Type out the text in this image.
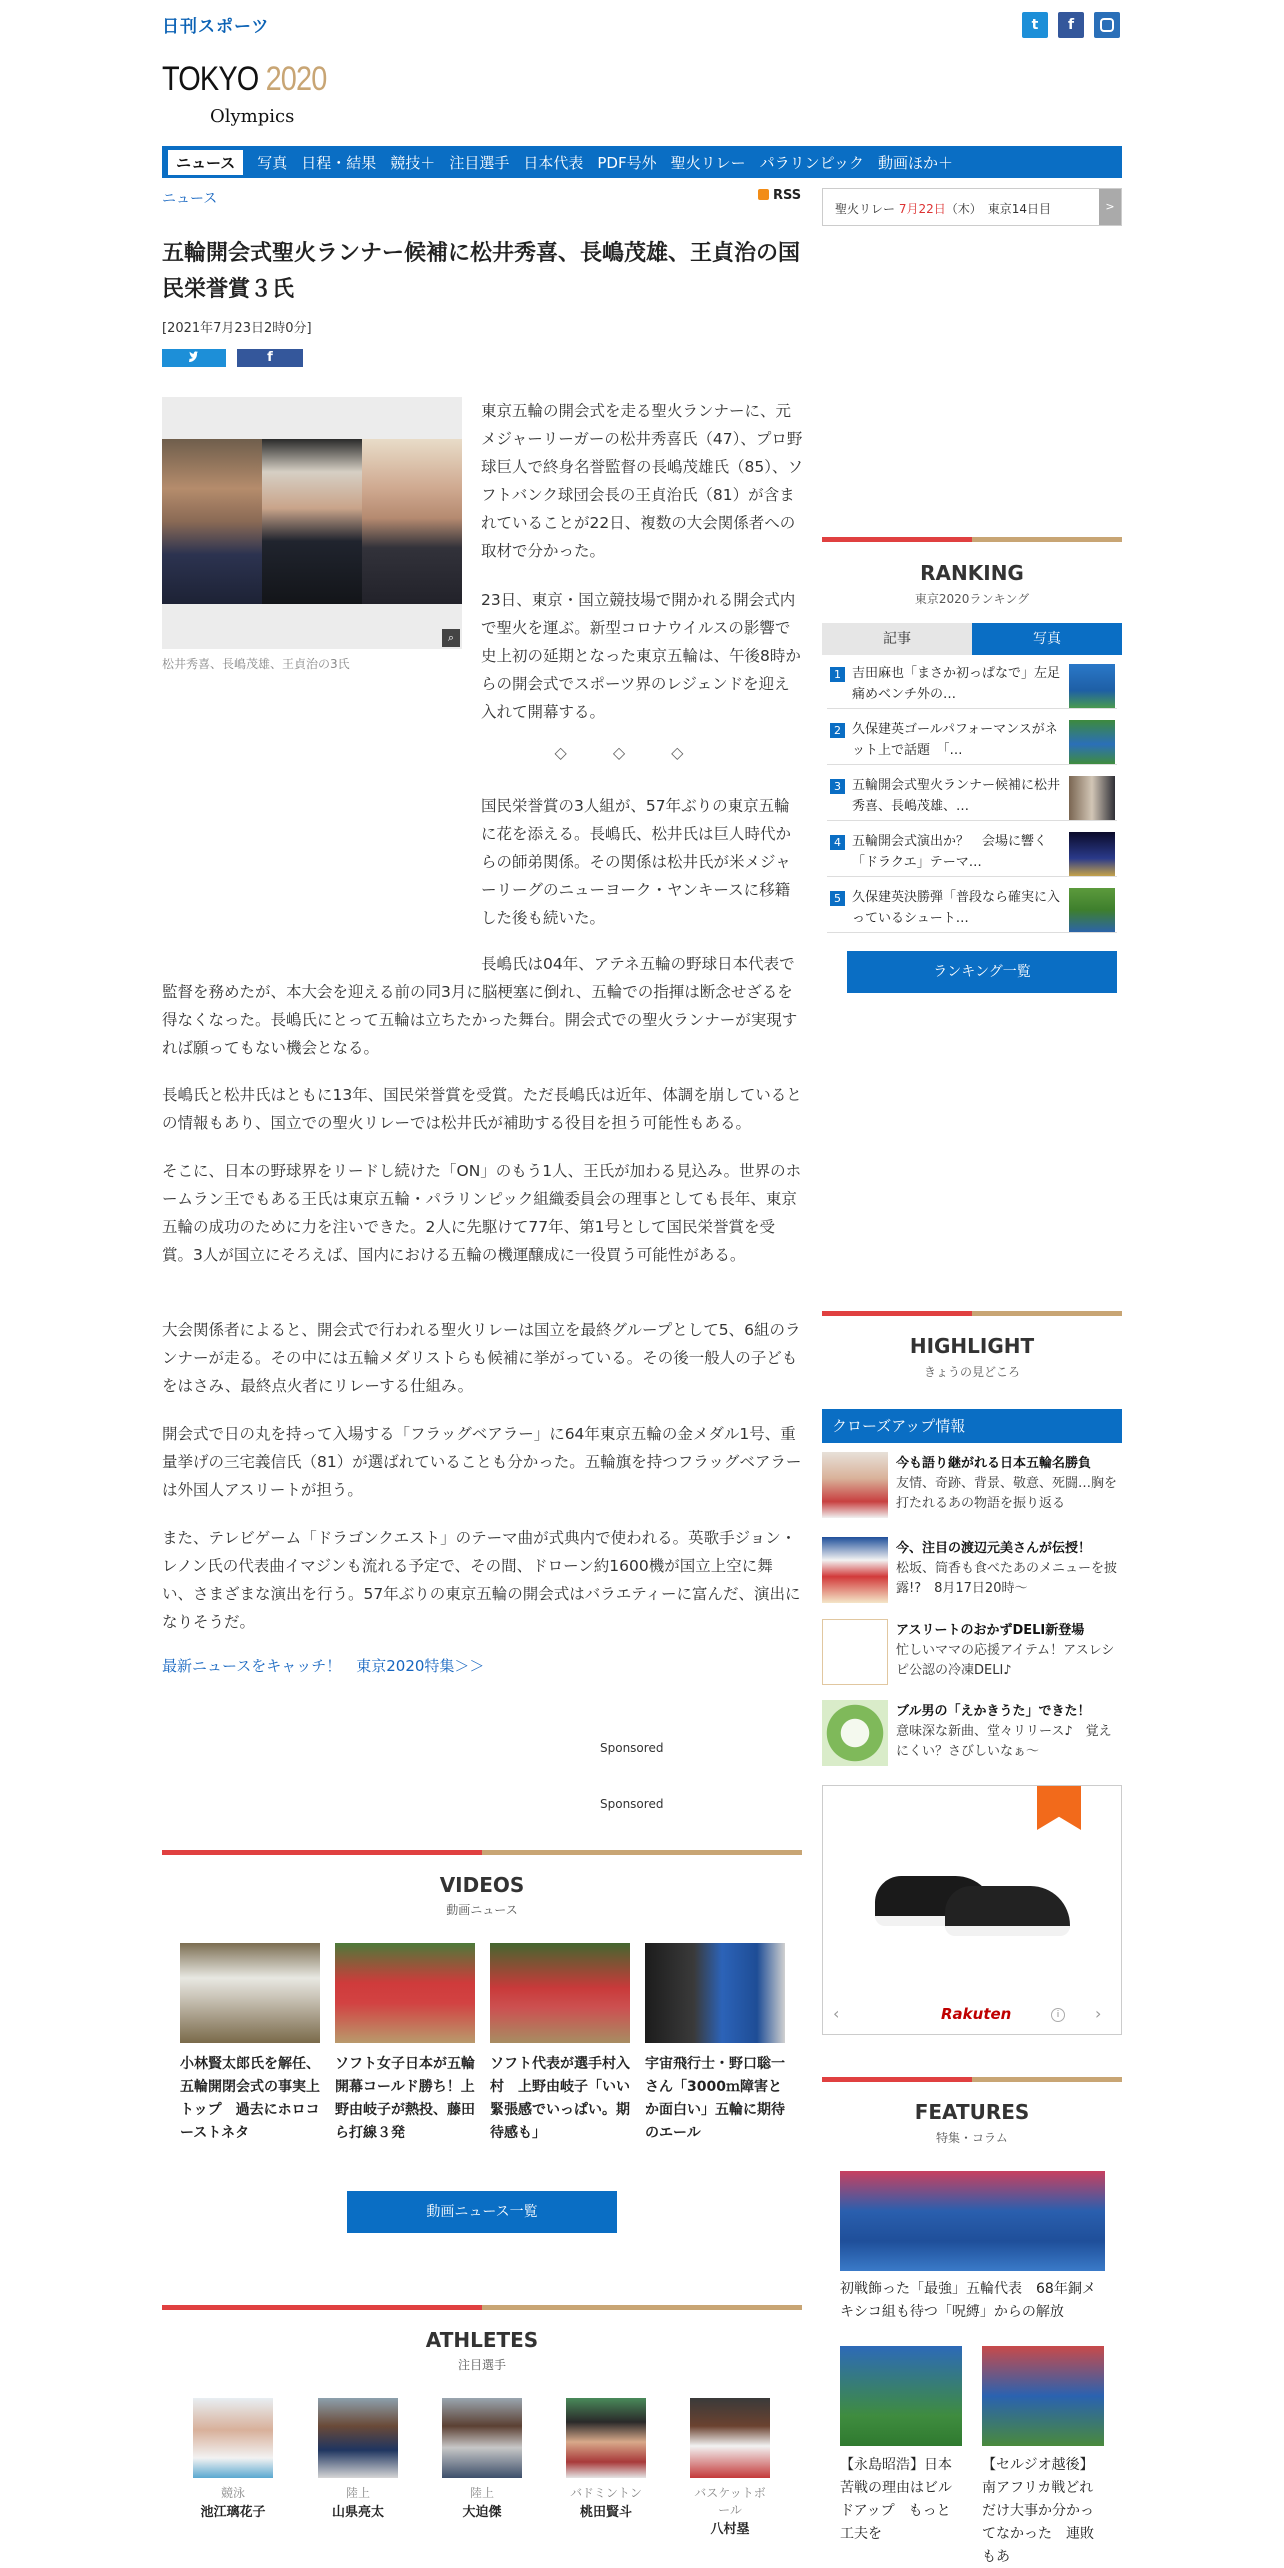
日刊スポーツ	t	f
TOKYO 2020
Olympics
ニュース	写真 日程・結果 競技＋ 注目選手 日本代表 PDF号外 聖火リレー パラリンピック 動画ほか＋
ニュース	RSS
五輪開会式聖火ランナー候補に松井秀喜、長嶋茂雄、王貞治の国民栄誉賞３氏
[2021年7月23日2時0分]
f
⌕
松井秀喜、長嶋茂雄、王貞治の3氏
東京五輪の開会式を走る聖火ランナーに、元メジャーリーガーの松井秀喜氏（47）、プロ野球巨人で終身名誉監督の長嶋茂雄氏（85）、ソフトバンク球団会長の王貞治氏（81）が含まれていることが22日、複数の大会関係者への取材で分かった。
23日、東京・国立競技場で開かれる開会式内で聖火を運ぶ。新型コロナウイルスの影響で史上初の延期となった東京五輪は、午後8時からの開会式でスポーツ界のレジェンドを迎え入れて開幕する。
◇◇◇
国民栄誉賞の3人組が、57年ぶりの東京五輪に花を添える。長嶋氏、松井氏は巨人時代からの師弟関係。その関係は松井氏が米メジャーリーグのニューヨーク・ヤンキースに移籍した後も続いた。
長嶋氏は04年、アテネ五輪の野球日本代表で監督を務めたが、本大会を迎える前の同3月に脳梗塞に倒れ、五輪での指揮は断念せざるを得なくなった。長嶋氏にとって五輪は立ちたかった舞台。開会式での聖火ランナーが実現すれば願ってもない機会となる。
長嶋氏と松井氏はともに13年、国民栄誉賞を受賞。ただ長嶋氏は近年、体調を崩しているとの情報もあり、国立での聖火リレーでは松井氏が補助する役目を担う可能性もある。
そこに、日本の野球界をリードし続けた「ON」のもう1人、王氏が加わる見込み。世界のホームラン王でもある王氏は東京五輪・パラリンピック組織委員会の理事としても長年、東京五輪の成功のために力を注いできた。2人に先駆けて77年、第1号として国民栄誉賞を受賞。3人が国立にそろえば、国内における五輪の機運醸成に一役買う可能性がある。
大会関係者によると、開会式で行われる聖火リレーは国立を最終グループとして5、6組のランナーが走る。その中には五輪メダリストらも候補に挙がっている。その後一般人の子どもをはさみ、最終点火者にリレーする仕組み。
開会式で日の丸を持って入場する「フラッグベアラー」に64年東京五輪の金メダル1号、重量挙げの三宅義信氏（81）が選ばれていることも分かった。五輪旗を持つフラッグベアラーは外国人アスリートが担う。
また、テレビゲーム「ドラゴンクエスト」のテーマ曲が式典内で使われる。英歌手ジョン・レノン氏の代表曲イマジンも流れる予定で、その間、ドローン約1600機が国立上空に舞い、さまざまな演出を行う。57年ぶりの東京五輪の開会式はバラエティーに富んだ、演出になりそうだ。
最新ニュースをキャッチ！　東京2020特集＞＞
Sponsored
Sponsored
VIDEOS
動画ニュース
小林賢太郎氏を解任、五輪開閉会式の事実上トップ　過去にホロコーストネタ
ソフト女子日本が五輪開幕コールド勝ち！上野由岐子が熱投、藤田ら打線３発
ソフト代表が選手村入村　上野由岐子「いい緊張感でいっぱい。期待感も」
宇宙飛行士・野口聡一さん「3000ｍ障害とか面白い」五輪に期待のエール
動画ニュース一覧
ATHLETES
注目選手
競泳
池江璃花子
陸上
山県亮太
陸上
大迫傑
バドミントン
桃田賢斗
バスケットボール
八村塁
聖火リレー 7月22日（木）　東京14日目	>
RANKING
東京2020ランキング
記事	写真
1 吉田麻也「まさか初っぱなで」左足痛めベンチ外の…
2 久保建英ゴールパフォーマンスがネット上で話題　「…
3 五輪開会式聖火ランナー候補に松井秀喜、長嶋茂雄、…
4 五輪開会式演出か？　会場に響く「ドラクエ」テーマ…
5 久保建英決勝弾「普段なら確実に入っているシュート…
ランキング一覧
HIGHLIGHT
きょうの見どころ
クローズアップ情報
今も語り継がれる日本五輪名勝負
友情、奇跡、背景、敬意、死闘…胸を打たれるあの物語を振り返る
今、注目の渡辺元美さんが伝授！
松坂、筒香も食べたあのメニューを披露!?　8月17日20時～
アスリートのおかずDELI新登場
忙しいママの応援アイテム！アスレシピ公認の冷凍DELI♪
ブル男の「えかきうた」できた！
意味深な新曲、堂々リリース♪　覚えにくい？さびしいなぁ～
‹	Rakuten	i	›
FEATURES
特集・コラム
初戦飾った「最強」五輪代表　68年銅メキシコ組も待つ「呪縛」からの解放
【永島昭浩】日本苦戦の理由はビルドアップ　もっと工夫を
【セルジオ越後】南アフリカ戦どれだけ大事か分かってなかった　連敗もあ
